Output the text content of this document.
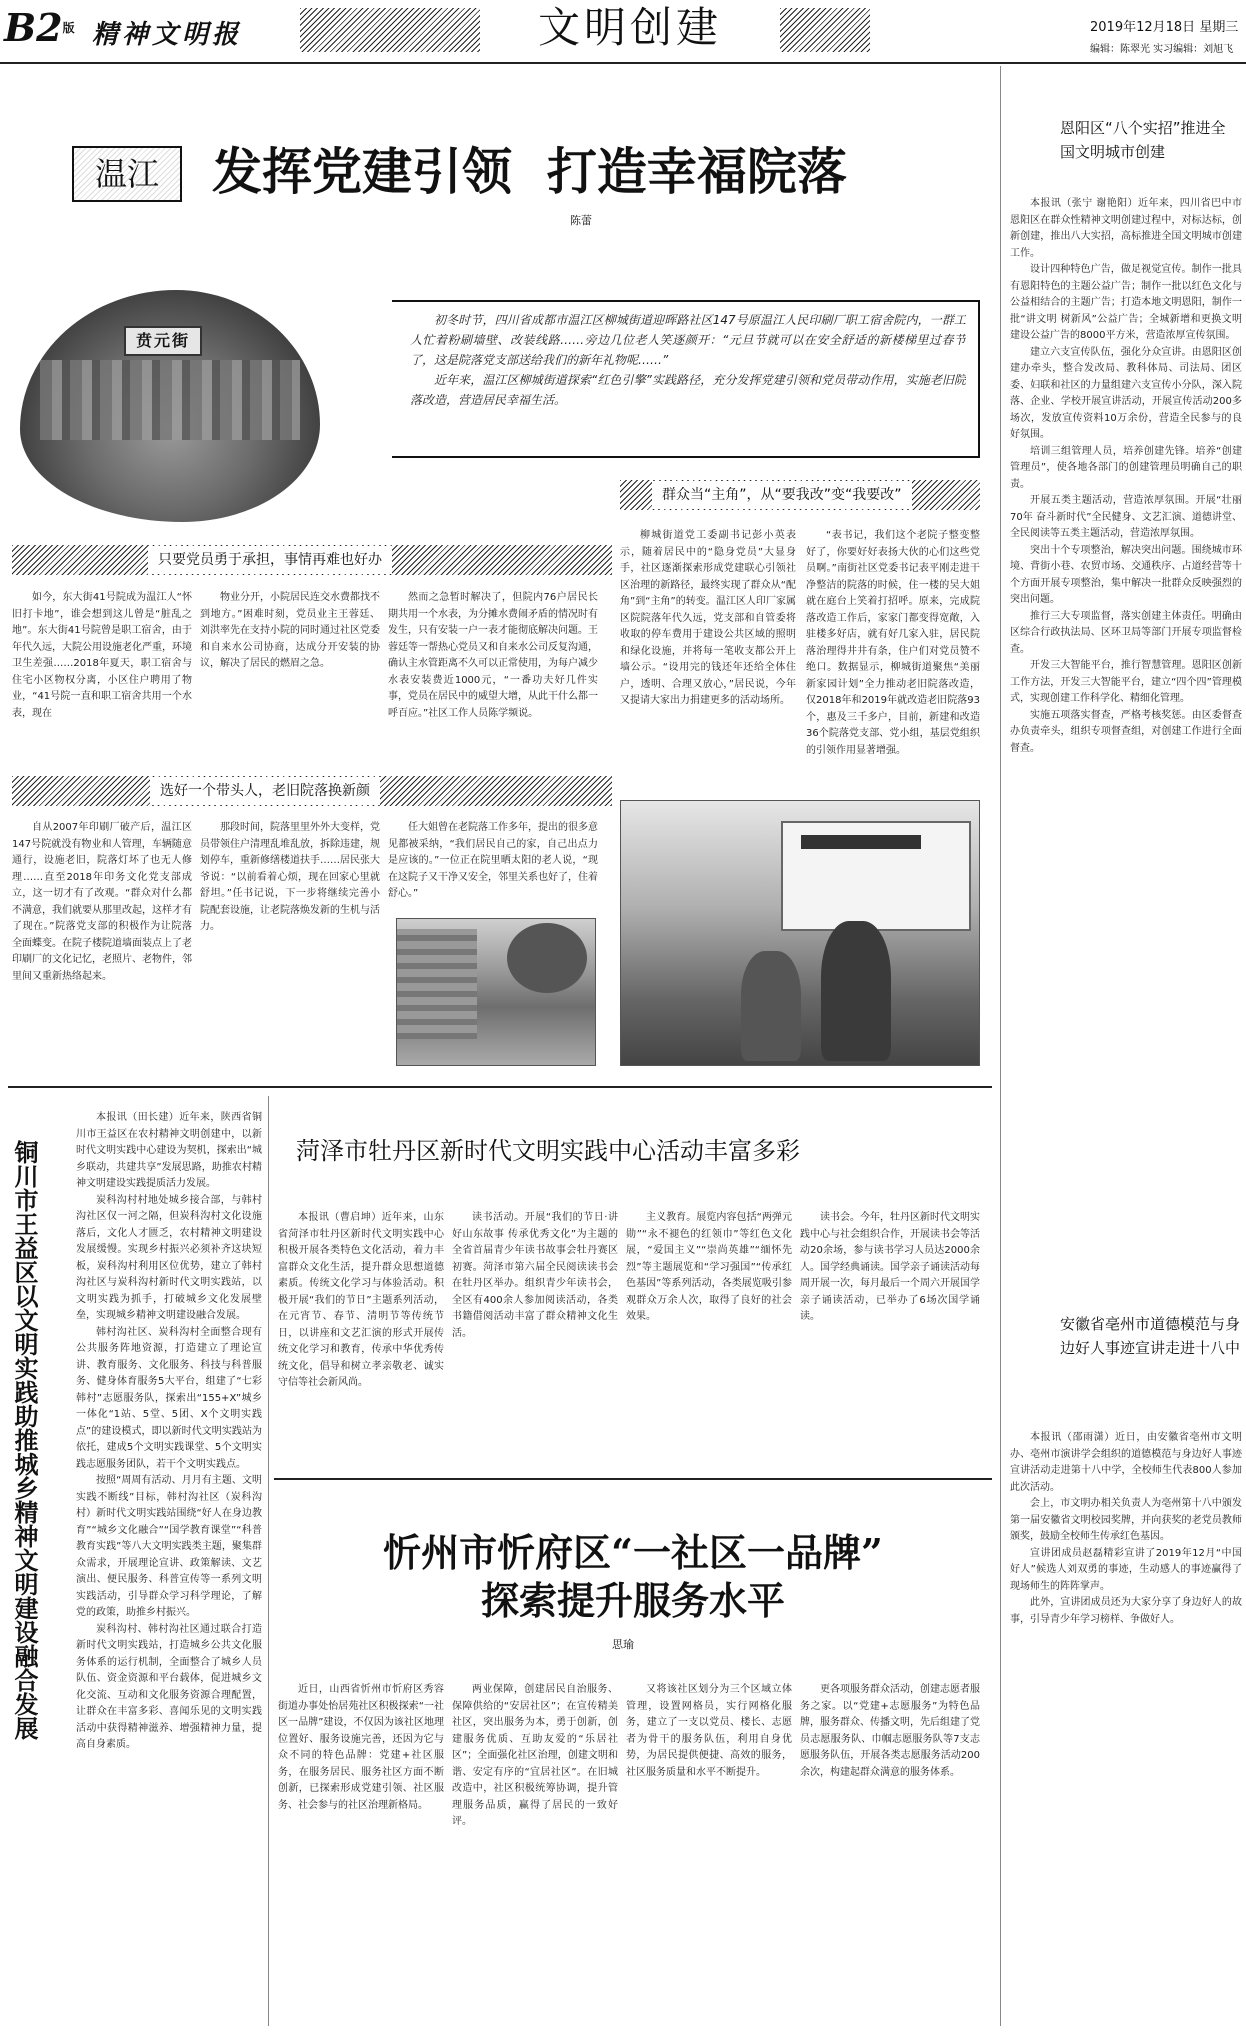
B2版 精神文明报	文明创建	2019年12月18日 星期三
编辑：陈翠光 实习编辑：刘旭飞
温江	发挥党建引领  打造幸福院落
陈蕾
贲元街

初冬时节，四川省成都市温江区柳城街道迎晖路社区147号原温江人民印刷厂职工宿舍院内，一群工人忙着粉刷墙壁、改装线路……旁边几位老人笑逐颜开：“元旦节就可以在安全舒适的新楼梯里过春节了，这是院落党支部送给我们的新年礼物呢……”

近年来，温江区柳城街道探索“红色引擎”实践路径，充分发挥党建引领和党员带动作用，实施老旧院落改造，营造居民幸福生活。

群众当“主角”，从“要我改”变“我要改”
只要党员勇于承担，事情再难也好办
如今，东大街41号院成为温江人“怀旧打卡地”，谁会想到这儿曾是“脏乱之地”。东大街41号院曾是职工宿舍，由于年代久远，大院公用设施老化严重，环境卫生差强……2018年夏天，职工宿舍与住宅小区物权分离，小区住户聘用了物业，“41号院一直和职工宿舍共用一个水表，现在
物业分开，小院居民连交水费都找不到地方。”困难时刻，党员业主王蓉廷、刘洪率先在支持小院的同时通过社区党委和自来水公司协商，达成分开安装的协议，解决了居民的燃眉之急。
然而之急暂时解决了，但院内76户居民长期共用一个水表，为分摊水费闹矛盾的情况时有发生，只有安装一户一表才能彻底解决问题。王蓉廷等一帮热心党员又和自来水公司反复沟通，确认主水管距离不久可以正常使用，为每户减少水表安装费近1000元，“一番功夫好几件实事，党员在居民中的威望大增，从此干什么都一呼百应。”社区工作人员陈学频说。
柳城街道党工委副书记彭小英表示，随着居民中的“隐身党员”大显身手，社区逐渐探索形成党建联心引领社区治理的新路径，最终实现了群众从“配角”到“主角”的转变。温江区人印厂家属区院院落年代久远，党支部和自管委将收取的停车费用于建设公共区域的照明和绿化设施，并将每一笔收支都公开上墙公示。“设用完的钱还年还给全体住户，透明、合理又放心，”居民说，今年又提请大家出力捐建更多的活动场所。
“表书记，我们这个老院子整变整好了，你要好好表扬大伙的心们这些党员啊。”南街社区党委书记表平刚走进干净整洁的院落的时候，住一楼的吴大姐就在庭台上笑着打招呼。原来，完成院落改造工作后，家家门都变得宽敞，入驻楼多好店，就有好几家入驻，居民院落治理得井井有条，住户们对党员赞不绝口。数据显示，柳城街道聚焦“美丽新家园计划”全力推动老旧院落改造，仅2018年和2019年就改造老旧院落93个，惠及三千多户，目前，新建和改造36个院落党支部、党小组，基层党组织的引领作用显著增强。
选好一个带头人，老旧院落换新颜
自从2007年印刷厂破产后，温江区147号院就没有物业和人管理，车辆随意通行，设施老旧，院落灯坏了也无人修理……直至2018年印务文化党支部成立，这一切才有了改观。“群众对什么都不满意，我们就要从那里改起，这样才有了现在。”院落党支部的积极作为让院落全面蝶变。在院子楼院道墙面装点上了老印刷厂的文化记忆，老照片、老物件，邻里间又重新热络起来。
那段时间，院落里里外外大变样，党员带领住户清理乱堆乱放，拆除违建，规划停车，重新修缮楼道扶手……居民张大爷说：“以前看着心烦，现在回家心里就舒坦。”任书记说，下一步将继续完善小院配套设施，让老院落焕发新的生机与活力。
任大姐曾在老院落工作多年，提出的很多意见都被采纳，“我们居民自己的家，自己出点力是应该的。”一位正在院里晒太阳的老人说，“现在这院子又干净又安全，邻里关系也好了，住着舒心。”
恩阳区“八个实招”推进全国文明城市创建

本报讯（张宁 谢艳阳）近年来，四川省巴中市恩阳区在群众性精神文明创建过程中，对标达标，创新创建，推出八大实招，高标推进全国文明城市创建工作。

设计四种特色广告，做足视觉宣传。制作一批具有恩阳特色的主题公益广告；制作一批以红色文化与公益相结合的主题广告；打造本地文明恩阳，制作一批“讲文明 树新风”公益广告；全城新增和更换文明建设公益广告的8000平方米，营造浓厚宣传氛围。

建立六支宣传队伍，强化分众宣讲。由恩阳区创建办牵头，整合发改局、教科体局、司法局、团区委、妇联和社区的力量组建六支宣传小分队，深入院落、企业、学校开展宣讲活动，开展宣传活动200多场次，发放宣传资料10万余份，营造全民参与的良好氛围。

培训三组管理人员，培养创建先锋。培养“创建管理员”，使各地各部门的创建管理员明确自己的职责。

开展五类主题活动，营造浓厚氛围。开展“壮丽70年 奋斗新时代”全民健身、文艺汇演、道德讲堂、全民阅读等五类主题活动，营造浓厚氛围。

突出十个专项整治，解决突出问题。围绕城市环境、背街小巷、农贸市场、交通秩序、占道经营等十个方面开展专项整治，集中解决一批群众反映强烈的突出问题。

推行三大专项监督，落实创建主体责任。明确由区综合行政执法局、区环卫局等部门开展专项监督检查。

开发三大智能平台，推行智慧管理。恩阳区创新工作方法，开发三大智能平台，建立“四个四”管理模式，实现创建工作科学化、精细化管理。

实施五项落实督查，严格考核奖惩。由区委督查办负责牵头，组织专项督查组，对创建工作进行全面督查。

安徽省亳州市道德模范与身边好人事迹宣讲走进十八中

本报讯（邵雨潇）近日，由安徽省亳州市文明办、亳州市演讲学会组织的道德模范与身边好人事迹宣讲活动走进第十八中学，全校师生代表800人参加此次活动。

会上，市文明办相关负责人为亳州第十八中颁发第一届安徽省文明校园奖牌，并向获奖的老党员教师颁奖，鼓励全校师生传承红色基因。

宣讲团成员赵磊精彩宣讲了2019年12月“中国好人”候选人刘双勇的事迹，生动感人的事迹赢得了现场师生的阵阵掌声。

此外，宣讲团成员还为大家分享了身边好人的故事，引导青少年学习榜样、争做好人。

铜川市王益区以文明实践助推城乡精神文明建设融合发展

本报讯（田长建）近年来，陕西省铜川市王益区在农村精神文明创建中，以新时代文明实践中心建设为契机，探索出“城乡联动，共建共享”发展思路，助推农村精神文明建设实践提质活力发展。

炭科沟村村地处城乡接合部，与韩村沟社区仅一河之隔，但炭科沟村文化设施落后，文化人才匮乏，农村精神文明建设发展缓慢。实现乡村振兴必须补齐这块短板，炭科沟村利用区位优势，建立了韩村沟社区与炭科沟村新时代文明实践站，以文明实践为抓手，打破城乡文化发展壁垒，实现城乡精神文明建设融合发展。

韩村沟社区、炭科沟村全面整合现有公共服务阵地资源，打造建立了理论宣讲、教育服务、文化服务、科技与科普服务、健身体育服务5大平台，组建了“七彩韩村”志愿服务队，探索出“155+X”城乡一体化“1站、5堂、5团、X个文明实践点”的建设模式，即以新时代文明实践站为依托，建成5个文明实践课堂、5个文明实践志愿服务团队，若干个文明实践点。

按照“周周有活动、月月有主题、文明实践不断线”目标，韩村沟社区（炭科沟村）新时代文明实践站围绕“好人在身边教育”“城乡文化融合”“国学教育课堂”“科普教育实践”等八大文明实践类主题，聚集群众需求，开展理论宣讲、政策解读、文艺演出、便民服务、科普宣传等一系列文明实践活动，引导群众学习科学理论，了解党的政策，助推乡村振兴。

炭科沟村、韩村沟社区通过联合打造新时代文明实践站，打造城乡公共文化服务体系的运行机制，全面整合了城乡人员队伍、资金资源和平台载体，促进城乡文化交流、互动和文化服务资源合理配置，让群众在丰富多彩、喜闻乐见的文明实践活动中获得精神滋养、增强精神力量，提高自身素质。

菏泽市牡丹区新时代文明实践中心活动丰富多彩
本报讯（曹启坤）近年来，山东省菏泽市牡丹区新时代文明实践中心积极开展各类特色文化活动，着力丰富群众文化生活，提升群众思想道德素质。传统文化学习与体验活动。积极开展“我们的节日”主题系列活动，在元宵节、春节、清明节等传统节日，以讲座和文艺汇演的形式开展传统文化学习和教育，传承中华优秀传统文化，倡导和树立孝亲敬老、诚实守信等社会新风尚。
读书活动。开展“我们的节日·讲好山东故事 传承优秀文化”为主题的全省首届青少年读书故事会牡丹赛区初赛。菏泽市第六届全民阅读读书会在牡丹区举办。组织青少年读书会，全区有400余人参加阅读活动，各类书籍借阅活动丰富了群众精神文化生活。
主义教育。展览内容包括“两弹元勋”“永不褪色的红领巾”等红色文化展，“爱国主义”“崇尚英雄”“缅怀先烈”等主题展览和“学习强国”“传承红色基因”等系列活动，各类展览吸引参观群众万余人次，取得了良好的社会效果。
读书会。今年，牡丹区新时代文明实践中心与社会组织合作，开展读书会等活动20余场，参与读书学习人员达2000余人。国学经典诵读。国学亲子诵读活动每周开展一次，每月最后一个周六开展国学亲子诵读活动，已举办了6场次国学诵读。
忻州市忻府区“一社区一品牌”
探索提升服务水平
思瑜
近日，山西省忻州市忻府区秀容街道办事处怡居苑社区积极探索“一社区一品牌”建设，不仅因为该社区地理位置好、服务设施完善，还因为它与众不同的特色品牌：党建+社区服务，在服务居民、服务社区方面不断创新，已探索形成党建引领、社区服务、社会参与的社区治理新格局。
两业保障，创建居民自治服务、保障供给的“安居社区”；在宣传精美社区，突出服务为本，勇于创新，创建服务优质、互助友爱的“乐居社区”；全面强化社区治理，创建文明和谐、安定有序的“宜居社区”。在旧城改造中，社区积极统筹协调，提升管理服务品质，赢得了居民的一致好评。
又将该社区划分为三个区域立体管理，设置网格员，实行网格化服务，建立了一支以党员、楼长、志愿者为骨干的服务队伍，利用自身优势，为居民提供便捷、高效的服务，社区服务质量和水平不断提升。
更各项服务群众活动，创建志愿者服务之家。以“党建+志愿服务”为特色品牌，服务群众、传播文明，先后组建了党员志愿服务队、巾帼志愿服务队等7支志愿服务队伍，开展各类志愿服务活动200余次，构建起群众满意的服务体系。
